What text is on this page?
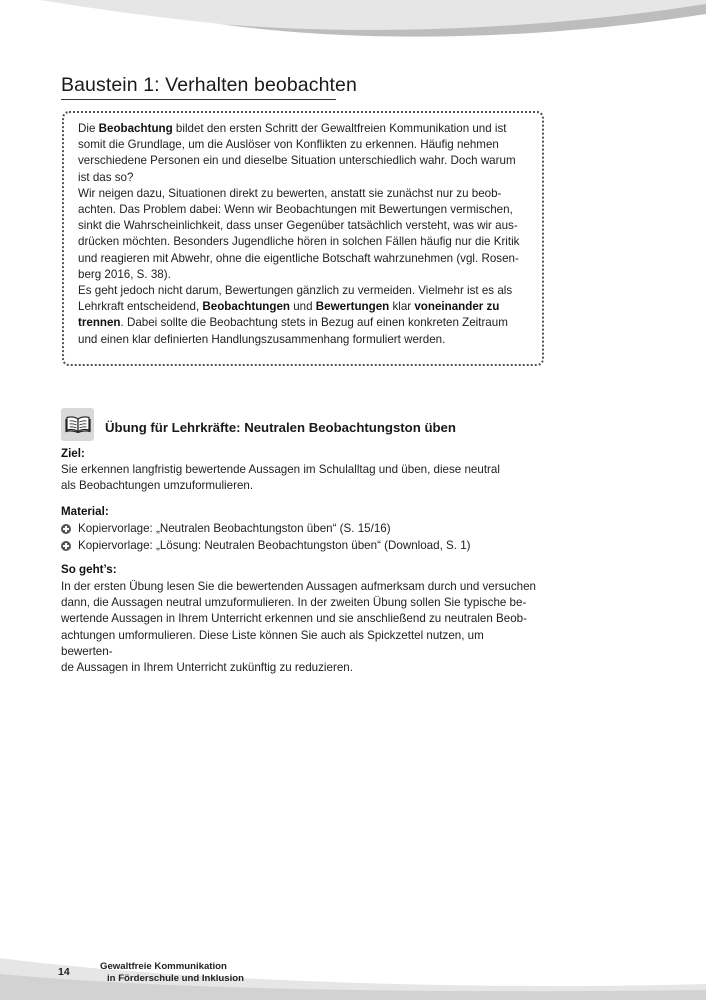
Baustein 1: Verhalten beobachten

Die Beobachtung bildet den ersten Schritt der Gewaltfreien Kommunikation und ist
somit die Grundlage, um die Auslöser von Konflikten zu erkennen. Häufig nehmen
verschiedene Personen ein und dieselbe Situation unterschiedlich wahr. Doch warum
ist das so?

Wir neigen dazu, Situationen direkt zu bewerten, anstatt sie zunächst nur zu beob-
achten. Das Problem dabei: Wenn wir Beobachtungen mit Bewertungen vermischen,
sinkt die Wahrscheinlichkeit, dass unser Gegenüber tatsächlich versteht, was wir aus-
drücken möchten. Besonders Jugendliche hören in solchen Fällen häufig nur die Kritik
und reagieren mit Abwehr, ohne die eigentliche Botschaft wahrzunehmen (vgl. Rosen-
berg 2016, S. 38).

Es geht jedoch nicht darum, Bewertungen gänzlich zu vermeiden. Vielmehr ist es als
Lehrkraft entscheidend, Beobachtungen und Bewertungen klar voneinander zu
trennen. Dabei sollte die Beobachtung stets in Bezug auf einen konkreten Zeitraum
und einen klar definierten Handlungszusammenhang formuliert werden.

Übung für Lehrkräfte: Neutralen Beobachtungston üben

Ziel:

Sie erkennen langfristig bewertende Aussagen im Schulalltag und üben, diese neutral
als Beobachtungen umzuformulieren.

Material:

Kopiervorlage: „Neutralen Beobachtungston üben“ (S. 15/16)
Kopiervorlage: „Lösung: Neutralen Beobachtungston üben“ (Download, S. 1)

So geht’s:

In der ersten Übung lesen Sie die bewertenden Aussagen aufmerksam durch und versuchen
dann, die Aussagen neutral umzuformulieren. In der zweiten Übung sollen Sie typische be-
wertende Aussagen in Ihrem Unterricht erkennen und sie anschließend zu neutralen Beob-
achtungen umformulieren. Diese Liste können Sie auch als Spickzettel nutzen, um bewerten-
de Aussagen in Ihrem Unterricht zukünftig zu reduzieren.
14	Gewaltfreie Kommunikation
in Förderschule und Inklusion
